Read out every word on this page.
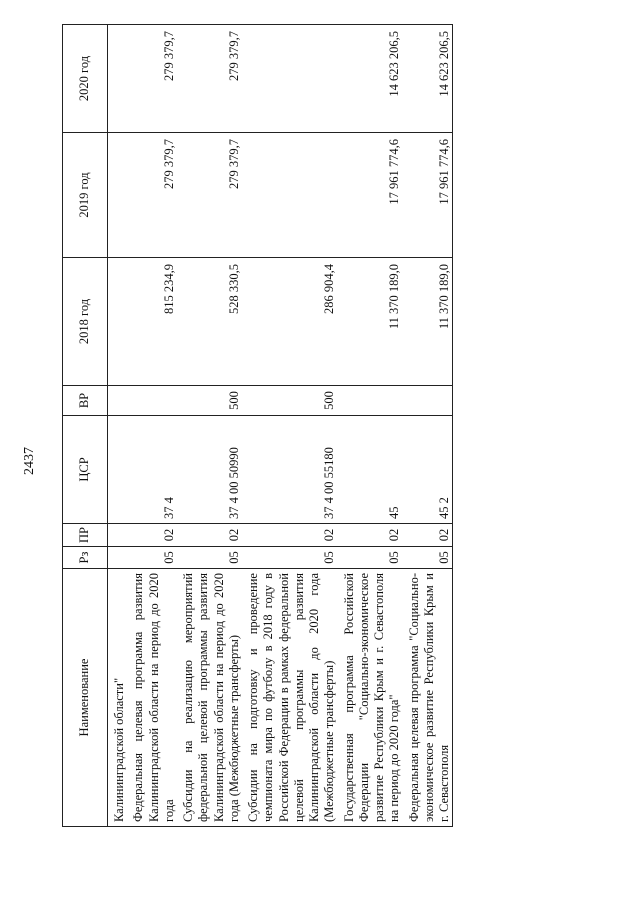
2437
Наименование	Рз	ПР	ЦСР	ВР	2018 год	2019 год	2020 год
Калининградской области"							
Федеральная целевая программа развития Калининградской области на период до 2020 года	05	02	37 4		815 234,9	279 379,7	279 379,7
Субсидии на реализацию мероприятий федеральной целевой программы развития Калининградской области на период до 2020 года (Межбюджетные трансферты)	05	02	37 4 00 50990	500	528 330,5	279 379,7	279 379,7
Субсидии на подготовку и проведение чемпионата мира по футболу в 2018 году в Российской Федерации в рамках федеральной целевой программы развития Калининградской области до 2020 года (Межбюджетные трансферты)	05	02	37 4 00 55180	500	286 904,4		
Государственная программа Российской Федерации "Социально-экономическое развитие Республики Крым и г. Севастополя на период до 2020 года"	05	02	45		11 370 189,0	17 961 774,6	14 623 206,5
Федеральная целевая программа "Социально-экономическое развитие Республики Крым и г. Севастополя	05	02	45 2		11 370 189,0	17 961 774,6	14 623 206,5
